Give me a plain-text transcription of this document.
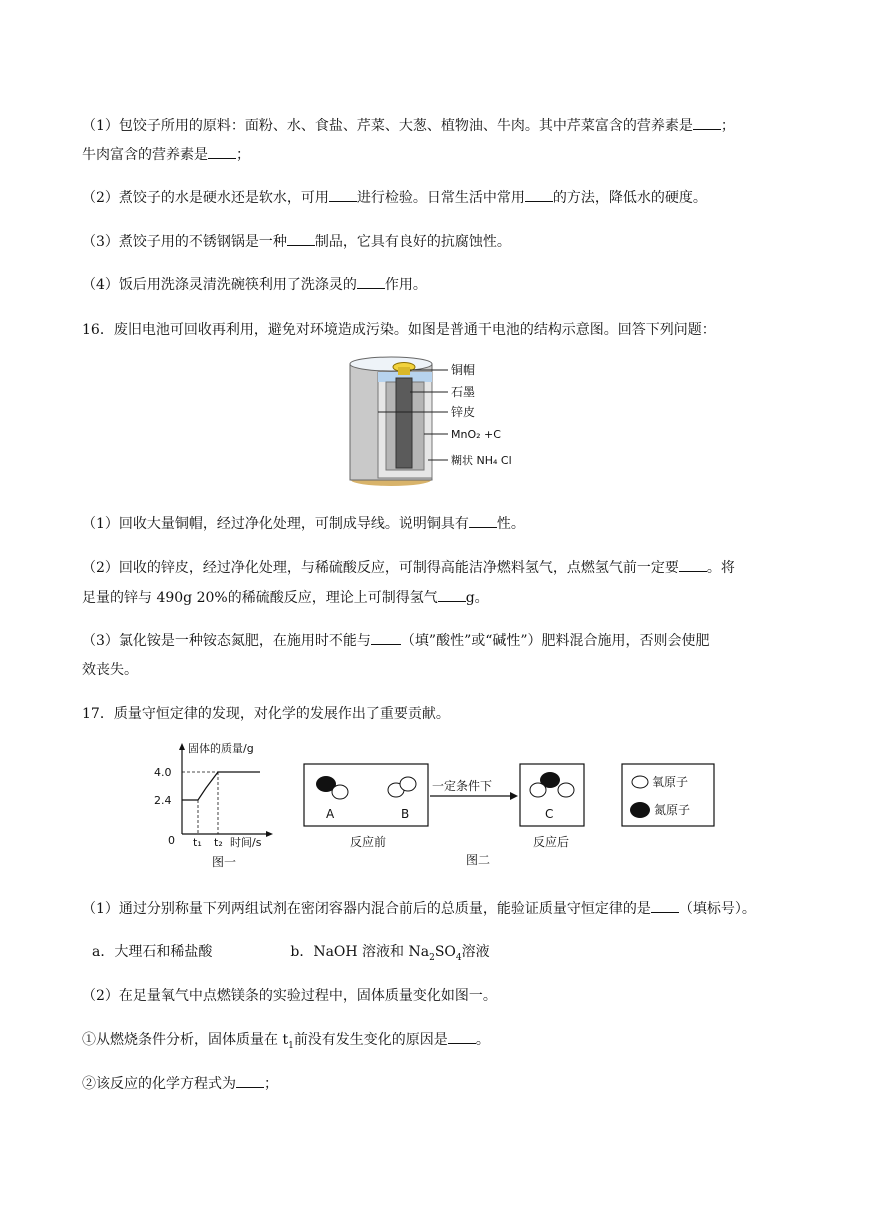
（1）包饺子所用的原料：面粉、水、食盐、芹菜、大葱、植物油、牛肉。其中芹菜富含的营养素是 ；
牛肉富含的营养素是 ；
（2）煮饺子的水是硬水还是软水，可用 进行检验。日常生活中常用 的方法，降低水的硬度。
（3）煮饺子用的不锈钢锅是一种 制品，它具有良好的抗腐蚀性。
（4）饭后用洗涤灵清洗碗筷利用了洗涤灵的 作用。
16．废旧电池可回收再利用，避免对环境造成污染。如图是普通干电池的结构示意图。回答下列问题：
铜帽
石墨
锌皮
MnO₂ +C
糊状 NH₄ Cl
（1）回收大量铜帽，经过净化处理，可制成导线。说明铜具有 性。
（2）回收的锌皮，经过净化处理，与稀硫酸反应，可制得高能洁净燃料氢气，点燃氢气前一定要 。将
足量的锌与 490g 20%的稀硫酸反应，理论上可制得氢气 g。
（3）氯化铵是一种铵态氮肥，在施用时不能与 （填”酸性”或“碱性”）肥料混合施用，否则会使肥
效丧失。
17．质量守恒定律的发现，对化学的发展作出了重要贡献。
固体的质量/g
4.0
2.4
0 t₁ t₂ 时间/s
图一
A	B
反应前
一定条件下
C
反应后
氧原子
氮原子
图二
（1）通过分别称量下列两组试剂在密闭容器内混合前后的总质量，能验证质量守恒定律的是 （填标号）。
a．大理石和稀盐酸	b．NaOH 溶液和 $Na_2SO_4$溶液
（2）在足量氧气中点燃镁条的实验过程中，固体质量变化如图一。
①从燃烧条件分析，固体质量在 $t_1$前没有发生变化的原因是 。
②该反应的化学方程式为 ；
